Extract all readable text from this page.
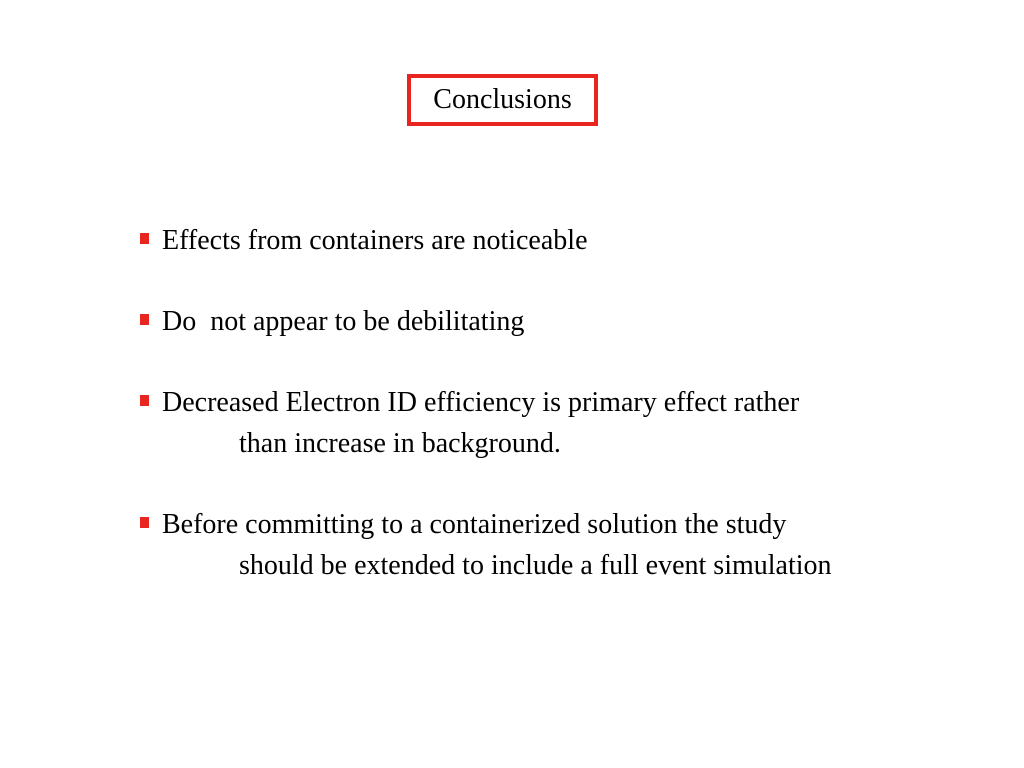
Conclusions
Effects from containers are noticeable
Do  not appear to be debilitating
Decreased Electron ID efficiency is primary effect rather
than increase in background.
Before committing to a containerized solution the study
should be extended to include a full event simulation
